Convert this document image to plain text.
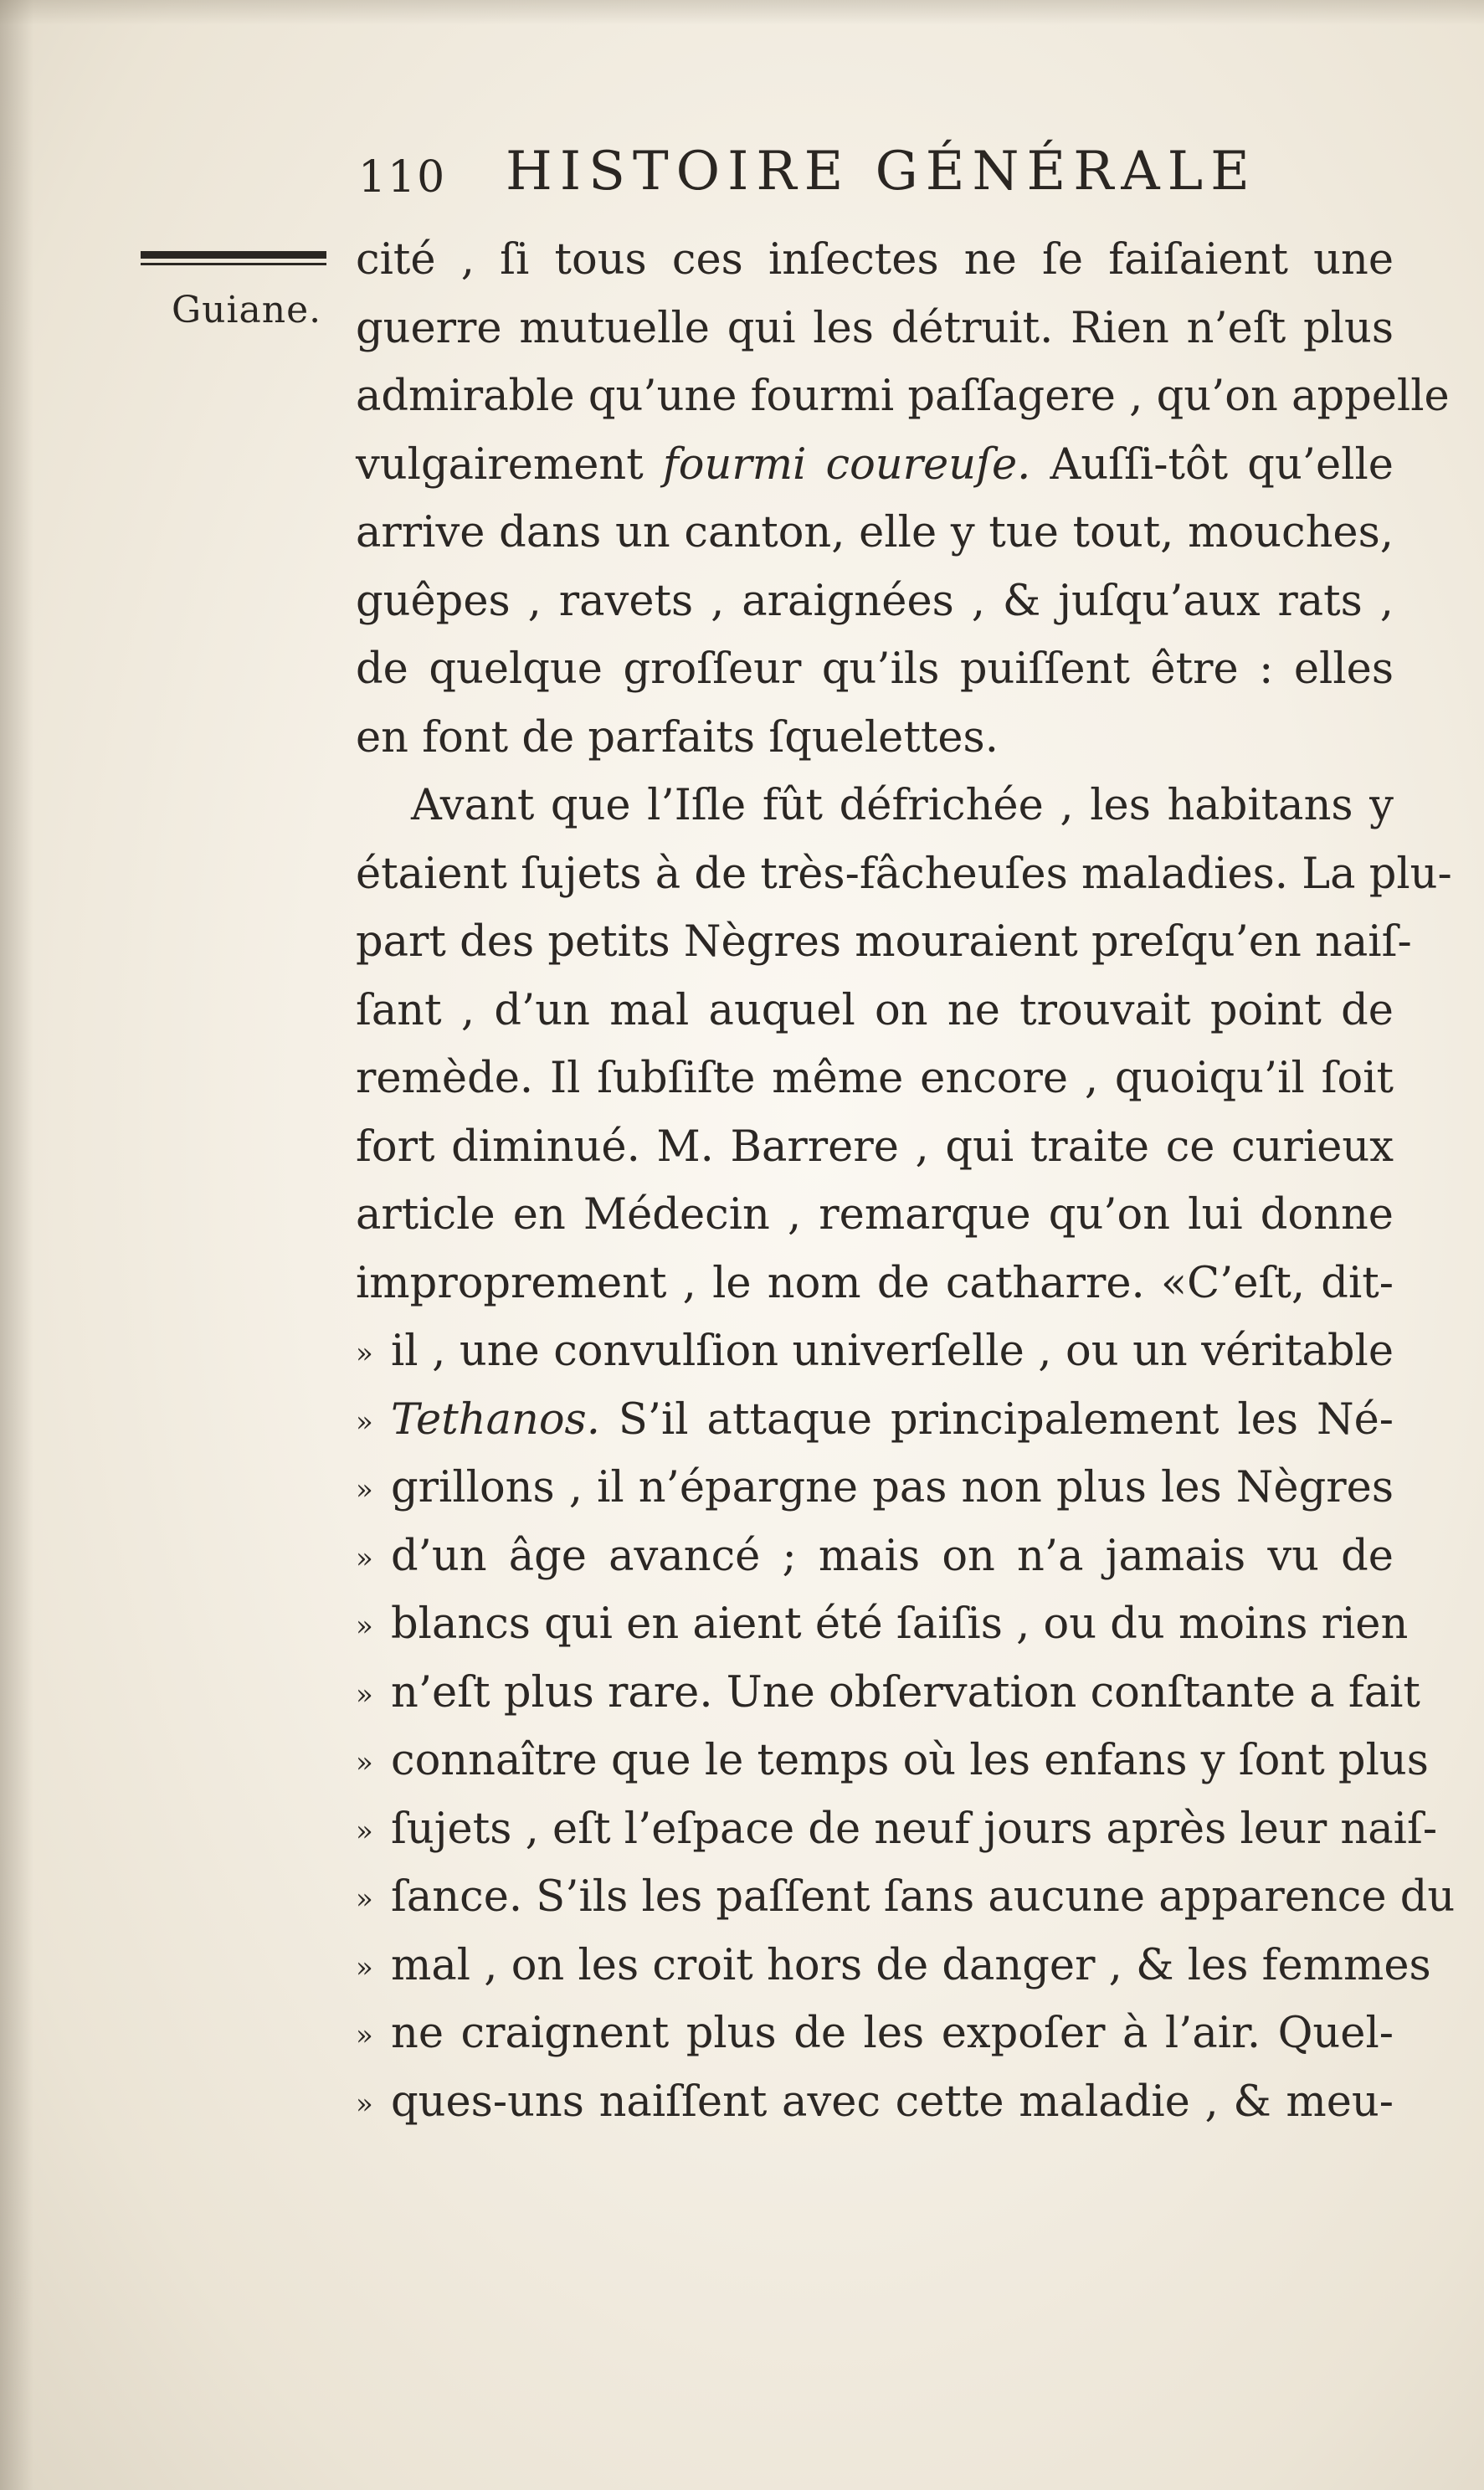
110 HISTOIRE GÉNÉRALE
Guiane.
cité , ſi tous ces inſectes ne ſe faiſaient une
guerre mutuelle qui les détruit. Rien n’eſt plus
admirable qu’une fourmi paſſagere , qu’on appelle
vulgairement fourmi coureuſe. Auſſi-tôt qu’elle
arrive dans un canton, elle y tue tout, mouches,
guêpes , ravets , araignées , & juſqu’aux rats ,
de quelque groſſeur qu’ils puiſſent être : elles
en font de parfaits ſquelettes.
Avant que l’Iſle fût défrichée , les habitans y
étaient ſujets à de très-fâcheuſes maladies. La plu-
part des petits Nègres mouraient preſqu’en naiſ-
ſant , d’un mal auquel on ne trouvait point de
remède. Il ſubſiſte même encore , quoiqu’il ſoit
fort diminué. M. Barrere , qui traite ce curieux
article en Médecin , remarque qu’on lui donne
improprement , le nom de catharre. «C’eſt, dit-
» il , une convulſion univerſelle , ou un véritable
» Tethanos. S’il attaque principalement les Né-
» grillons , il n’épargne pas non plus les Nègres
» d’un âge avancé ; mais on n’a jamais vu de
» blancs qui en aient été ſaiſis , ou du moins rien
» n’eſt plus rare. Une obſervation conſtante a fait
» connaître que le temps où les enfans y ſont plus
» ſujets , eſt l’eſpace de neuf jours après leur naiſ-
» ſance. S’ils les paſſent ſans aucune apparence du
» mal , on les croit hors de danger , & les femmes
» ne craignent plus de les expoſer à l’air. Quel-
» ques-uns naiſſent avec cette maladie , & meu-
